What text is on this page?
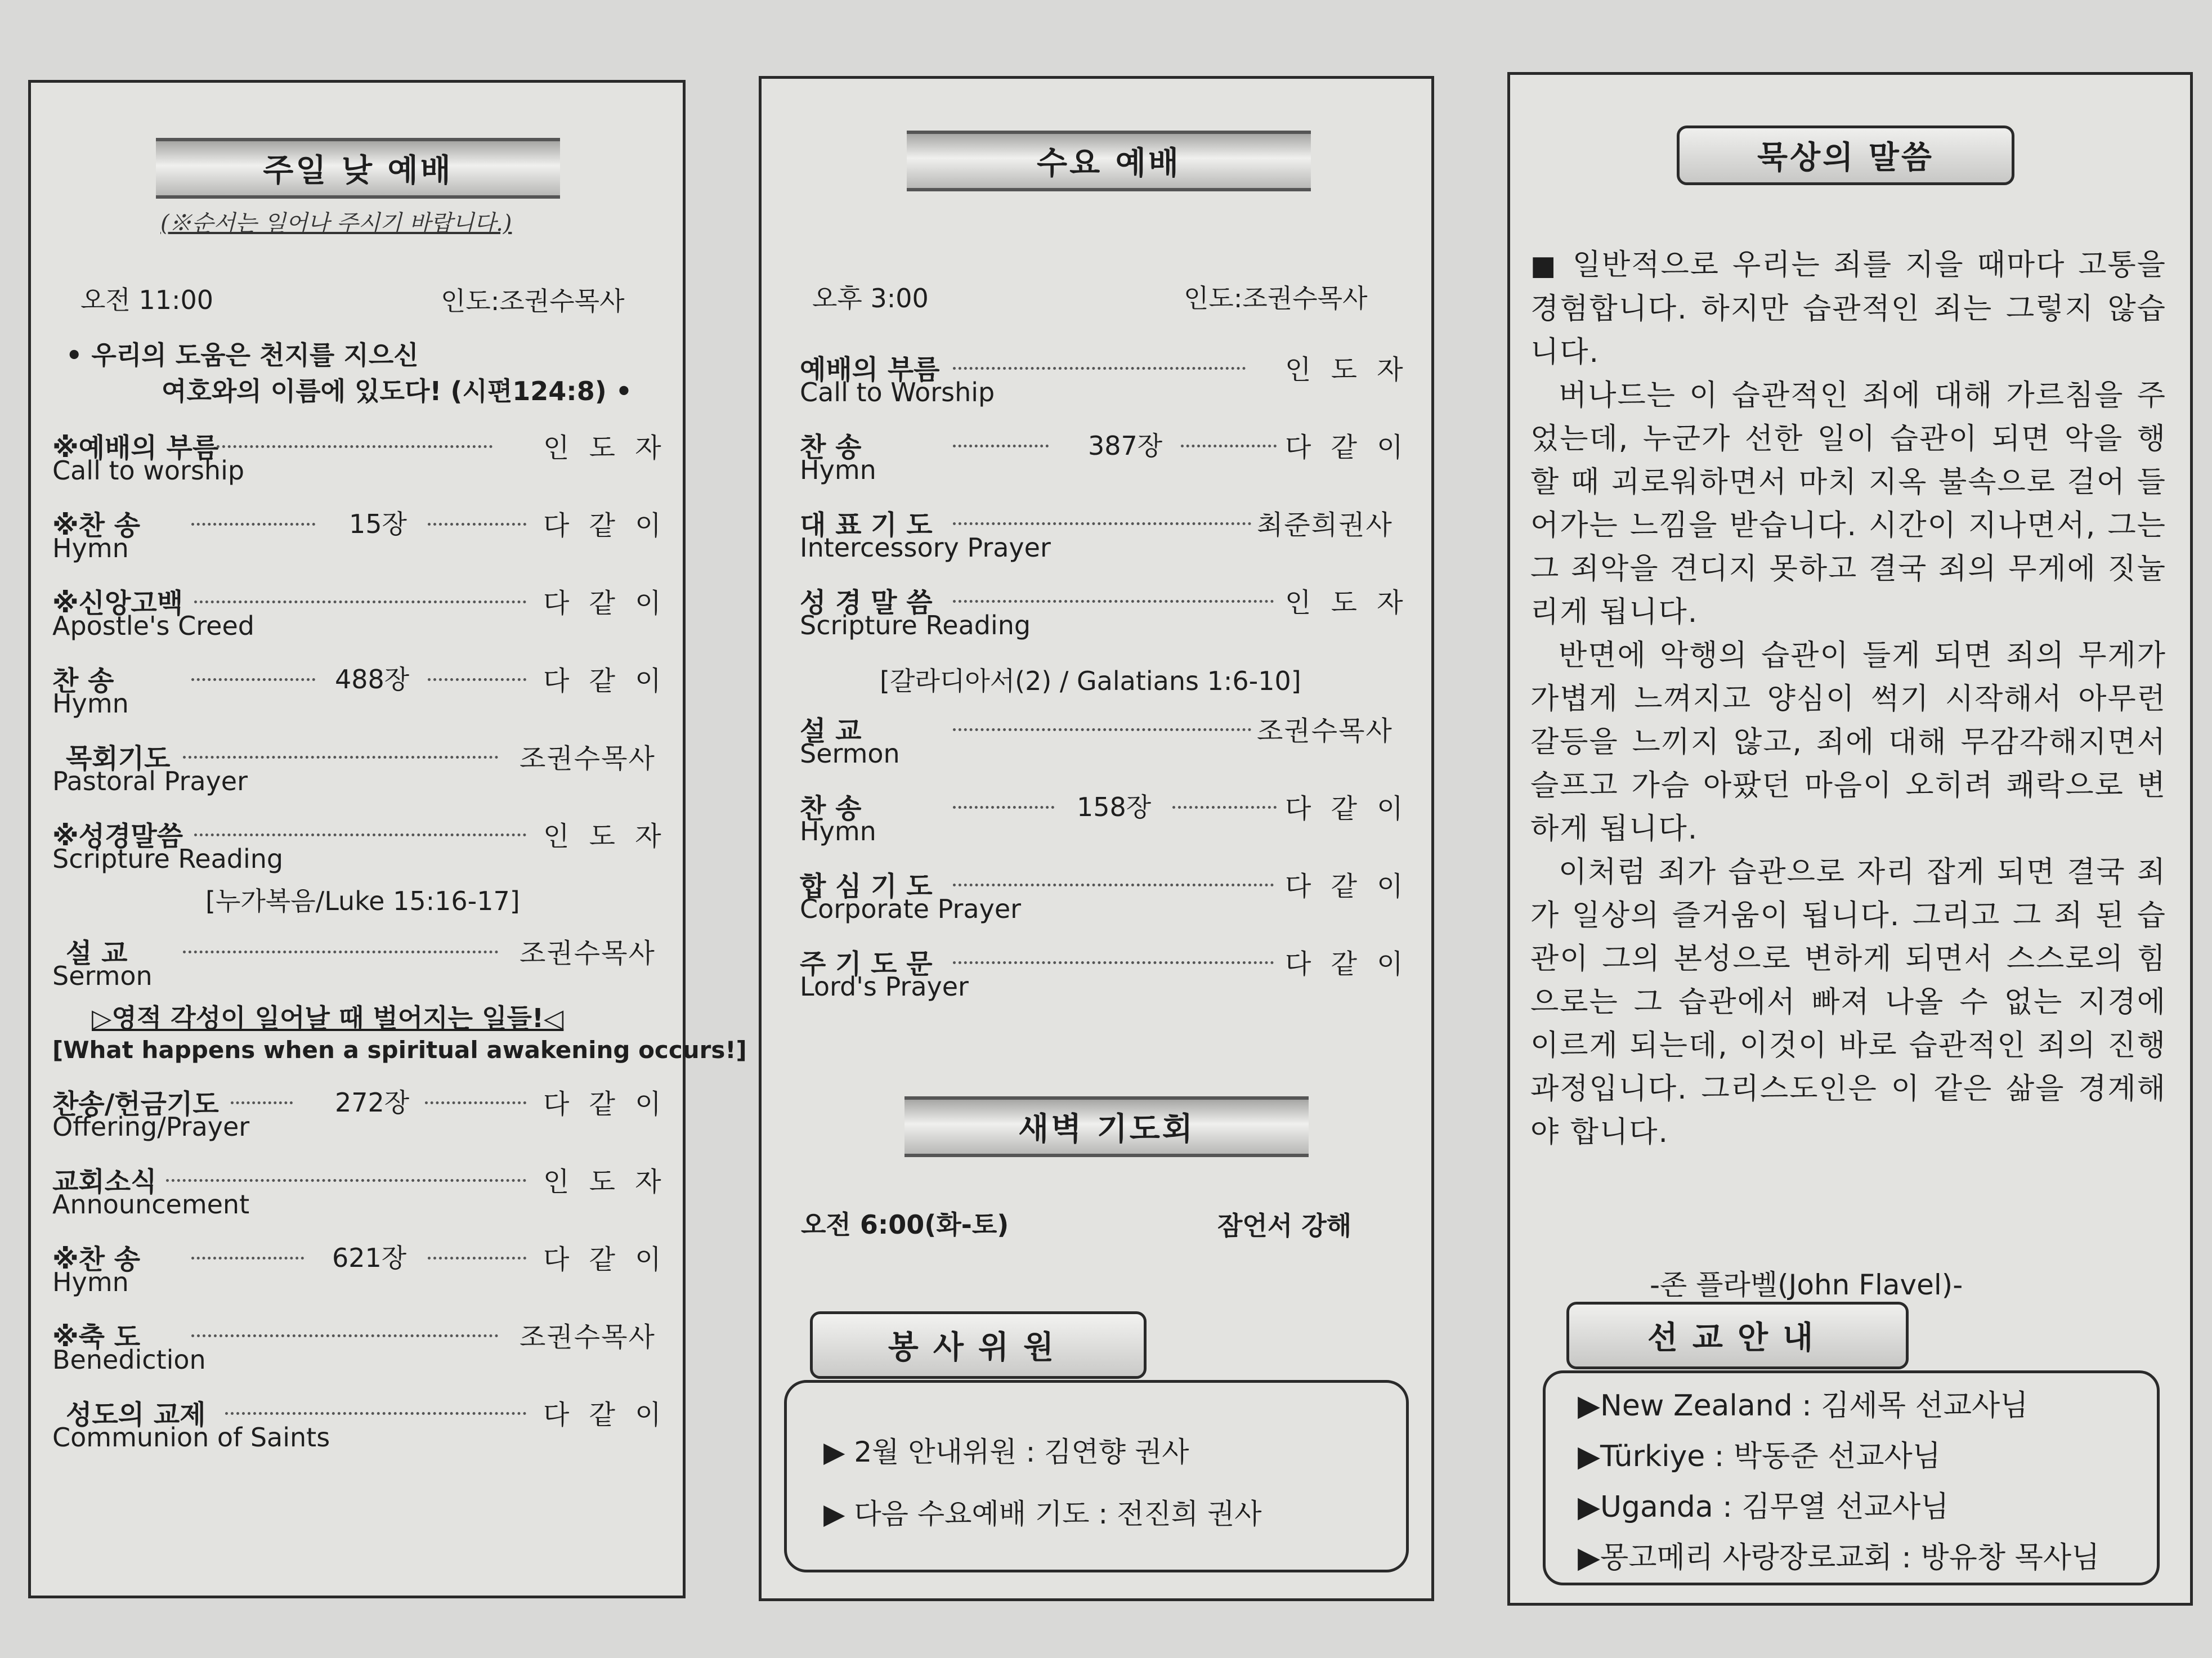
주일 낮 예배
(※순서는 일어나 주시기 바랍니다.)
오전 11:00	인도:조권수목사
• 우리의 도움은 천지를 지으신
여호와의 이름에 있도다! (시편124:8) •
※예배의 부름	인 도 자
Call to worship
※찬 송	15장	다 같 이
Hymn
※신앙고백	다 같 이
Apostle's Creed
찬 송	488장	다 같 이
Hymn
목회기도	조권수목사
Pastoral Prayer
※성경말씀	인 도 자
Scripture Reading
[누가복음/Luke 15:16-17]
설 교	조권수목사
Sermon
▷영적 각성이 일어날 때 벌어지는 일들!◁
[What happens when a spiritual awakening occurs!]
찬송/헌금기도	272장	다 같 이
Offering/Prayer
교회소식	인 도 자
Announcement
※찬 송	621장	다 같 이
Hymn
※축 도	조권수목사
Benediction
성도의 교제	다 같 이
Communion of Saints
수요 예배
오후 3:00	인도:조권수목사
예배의 부름	인 도 자
Call to Worship
찬 송	387장	다 같 이
Hymn
대 표 기 도	최준희권사
Intercessory Prayer
성 경 말 씀	인 도 자
Scripture Reading
[갈라디아서(2) / Galatians 1:6-10]
설 교	조권수목사
Sermon
찬 송	158장	다 같 이
Hymn
합 심 기 도	다 같 이
Corporate Prayer
주 기 도 문	다 같 이
Lord's Prayer
새벽 기도회
오전 6:00(화-토)	잠언서 강해
봉사위원
▶ 2월 안내위원 : 김연향 권사
▶ 다음 수요예배 기도 : 전진희 권사
묵상의 말씀

■ 일반적으로 우리는 죄를 지을 때마다 고통을 경험합니다. 하지만 습관적인 죄는 그렇지 않습니다.

버나드는 이 습관적인 죄에 대해 가르침을 주었는데, 누군가 선한 일이 습관이 되면 악을 행할 때 괴로워하면서 마치 지옥 불속으로 걸어 들어가는 느낌을 받습니다. 시간이 지나면서, 그는 그 죄악을 견디지 못하고 결국 죄의 무게에 짓눌리게 됩니다.

반면에 악행의 습관이 들게 되면 죄의 무게가 가볍게 느껴지고 양심이 썩기 시작해서 아무런 갈등을 느끼지 않고, 죄에 대해 무감각해지면서 슬프고 가슴 아팠던 마음이 오히려 쾌락으로 변하게 됩니다.

이처럼 죄가 습관으로 자리 잡게 되면 결국 죄가 일상의 즐거움이 됩니다. 그리고 그 죄 된 습관이 그의 본성으로 변하게 되면서 스스로의 힘으로는 그 습관에서 빠져 나올 수 없는 지경에 이르게 되는데, 이것이 바로 습관적인 죄의 진행 과정입니다. 그리스도인은 이 같은 삶을 경계해야 합니다.

-존 플라벨(John Flavel)-
선교안내
▶New Zealand : 김세목 선교사님
▶Türkiye : 박동준 선교사님
▶Uganda : 김무열 선교사님
▶몽고메리 사랑장로교회 : 방유창 목사님
